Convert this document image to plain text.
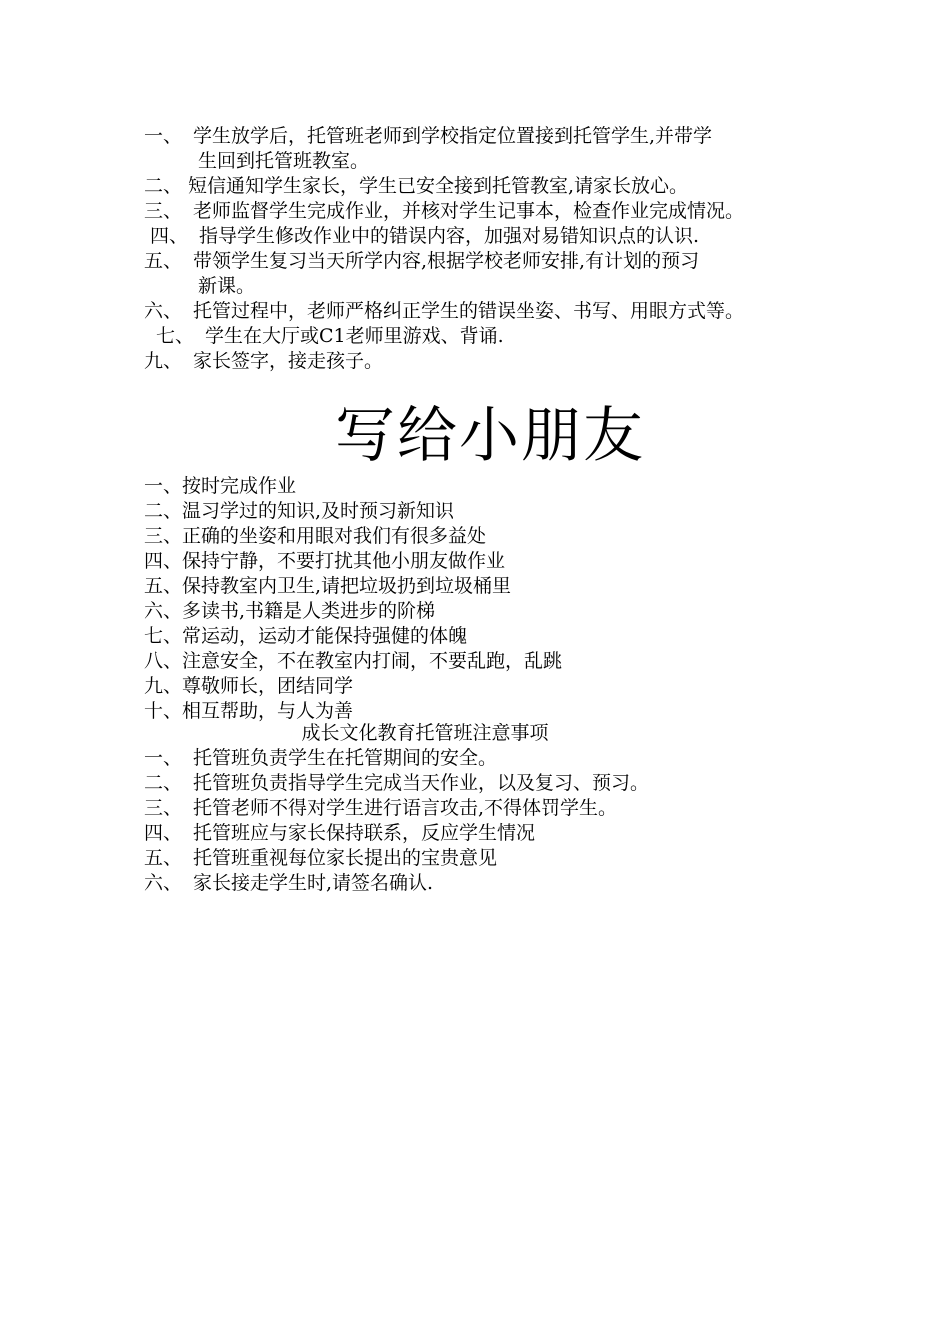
一、 学生放学后，托管班老师到学校指定位置接到托管学生,并带学
生回到托管班教室。
二、 短信通知学生家长，学生已安全接到托管教室,请家长放心。
三、 老师监督学生完成作业，并核对学生记事本，检查作业完成情况。
四、 指导学生修改作业中的错误内容，加强对易错知识点的认识.
五、 带领学生复习当天所学内容,根据学校老师安排,有计划的预习
新课。
六、 托管过程中，老师严格纠正学生的错误坐姿、书写、用眼方式等。
七、 学生在大厅或C1老师里游戏、背诵.
九、 家长签字，接走孩子。
写给小朋友
一、按时完成作业
二、温习学过的知识,及时预习新知识
三、正确的坐姿和用眼对我们有很多益处
四、保持宁静，不要打扰其他小朋友做作业
五、保持教室内卫生,请把垃圾扔到垃圾桶里
六、多读书,书籍是人类进步的阶梯
七、常运动，运动才能保持强健的体魄
八、注意安全，不在教室内打闹，不要乱跑，乱跳
九、尊敬师长，团结同学
十、相互帮助，与人为善
成长文化教育托管班注意事项
一、 托管班负责学生在托管期间的安全。
二、 托管班负责指导学生完成当天作业，以及复习、预习。
三、 托管老师不得对学生进行语言攻击,不得体罚学生。
四、 托管班应与家长保持联系，反应学生情况
五、 托管班重视每位家长提出的宝贵意见
六、 家长接走学生时,请签名确认.
